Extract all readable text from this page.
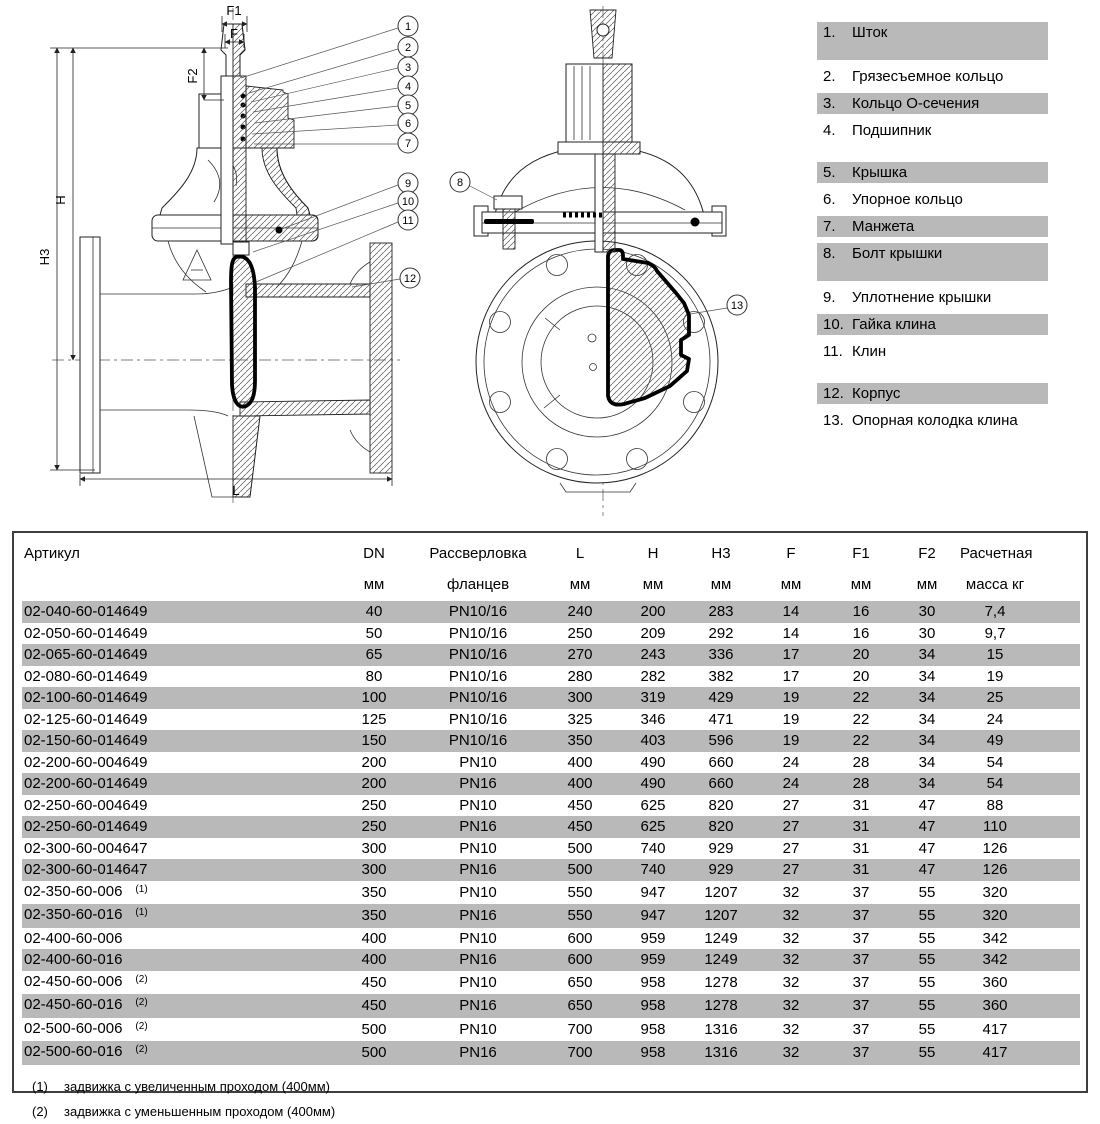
F1
F
F2
H
H3
L
1
2
3
4
5
6
7
9
10
11
12
8
13
1.	Шток
2.	Грязесъемное кольцо
3.	Кольцо О-сечения
4.	Подшипник
5.	Крышка
6.	Упорное кольцо
7.	Манжета
8.	Болт крышки
9.	Уплотнение крышки
10. Гайка клина
11. Клин
12. Корпус
13. Опорная колодка клина
Артикул	DN	Рассверловка	L	H	H3	F	F1	F2	Расчетная
	мм	фланцев	мм	мм	мм	мм	мм	мм	масса кг
02-040-60-014649	40	PN10/16	240	200	283	14	16	30	7,4
02-050-60-014649	50	PN10/16	250	209	292	14	16	30	9,7
02-065-60-014649	65	PN10/16	270	243	336	17	20	34	15
02-080-60-014649	80	PN10/16	280	282	382	17	20	34	19
02-100-60-014649	100	PN10/16	300	319	429	19	22	34	25
02-125-60-014649	125	PN10/16	325	346	471	19	22	34	24
02-150-60-014649	150	PN10/16	350	403	596	19	22	34	49
02-200-60-004649	200	PN10	400	490	660	24	28	34	54
02-200-60-014649	200	PN16	400	490	660	24	28	34	54
02-250-60-004649	250	PN10	450	625	820	27	31	47	88
02-250-60-014649	250	PN16	450	625	820	27	31	47	110
02-300-60-004647	300	PN10	500	740	929	27	31	47	126
02-300-60-014647	300	PN16	500	740	929	27	31	47	126
02-350-60-006 $^{(1)}$	350	PN10	550	947	1207	32	37	55	320
02-350-60-016 $^{(1)}$	350	PN16	550	947	1207	32	37	55	320
02-400-60-006	400	PN10	600	959	1249	32	37	55	342
02-400-60-016	400	PN16	600	959	1249	32	37	55	342
02-450-60-006 $^{(2)}$	450	PN10	650	958	1278	32	37	55	360
02-450-60-016 $^{(2)}$	450	PN16	650	958	1278	32	37	55	360
02-500-60-006 $^{(2)}$	500	PN10	700	958	1316	32	37	55	417
02-500-60-016 $^{(2)}$	500	PN16	700	958	1316	32	37	55	417
(1)	задвижка с увеличенным проходом (400мм)
(2)	задвижка с уменьшенным проходом (400мм)
